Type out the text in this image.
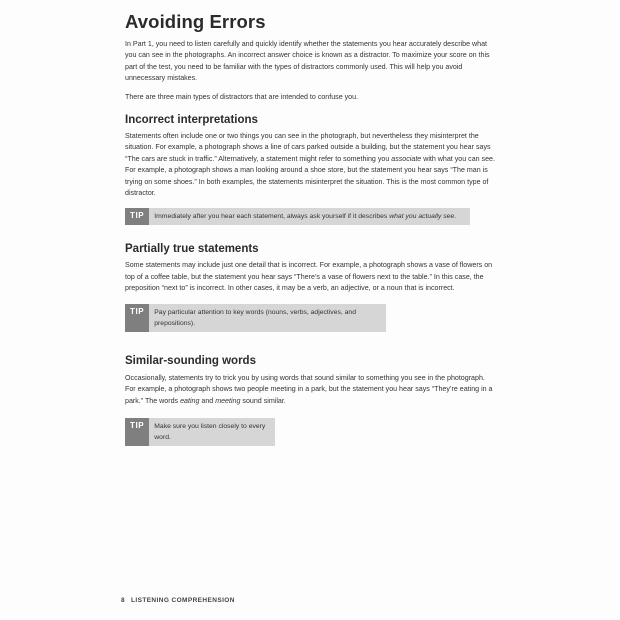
Avoiding Errors

In Part 1, you need to listen carefully and quickly identify whether the statements you hear accurately describe what you can see in the photographs. An incorrect answer choice is known as a distractor. To maximize your score on this part of the test, you need to be familiar with the types of distractors commonly used. This will help you avoid unnecessary mistakes.

There are three main types of distractors that are intended to confuse you.

Incorrect interpretations

Statements often include one or two things you can see in the photograph, but nevertheless they misinterpret the situation. For example, a photograph shows a line of cars parked outside a building, but the statement you hear says “The cars are stuck in traffic.” Alternatively, a statement might refer to something you associate with what you can see. For example, a photograph shows a man looking around a shoe store, but the statement you hear says “The man is trying on some shoes.” In both examples, the statements misinterpret the situation. This is the most common type of distractor.

TIP	Immediately after you hear each statement, always ask yourself if it describes what you actually see.
Partially true statements

Some statements may include just one detail that is incorrect. For example, a photograph shows a vase of flowers on top of a coffee table, but the statement you hear says “There’s a vase of flowers next to the table.” In this case, the preposition “next to” is incorrect. In other cases, it may be a verb, an adjective, or a noun that is incorrect.

TIP	Pay particular attention to key words (nouns, verbs, adjectives, and prepositions).
Similar-sounding words

Occasionally, statements try to trick you by using words that sound similar to something you see in the photograph. For example, a photograph shows two people meeting in a park, but the statement you hear says “They’re eating in a park.” The words eating and meeting sound similar.

TIP	Make sure you listen closely to every word.
8 LISTENING COMPREHENSION
